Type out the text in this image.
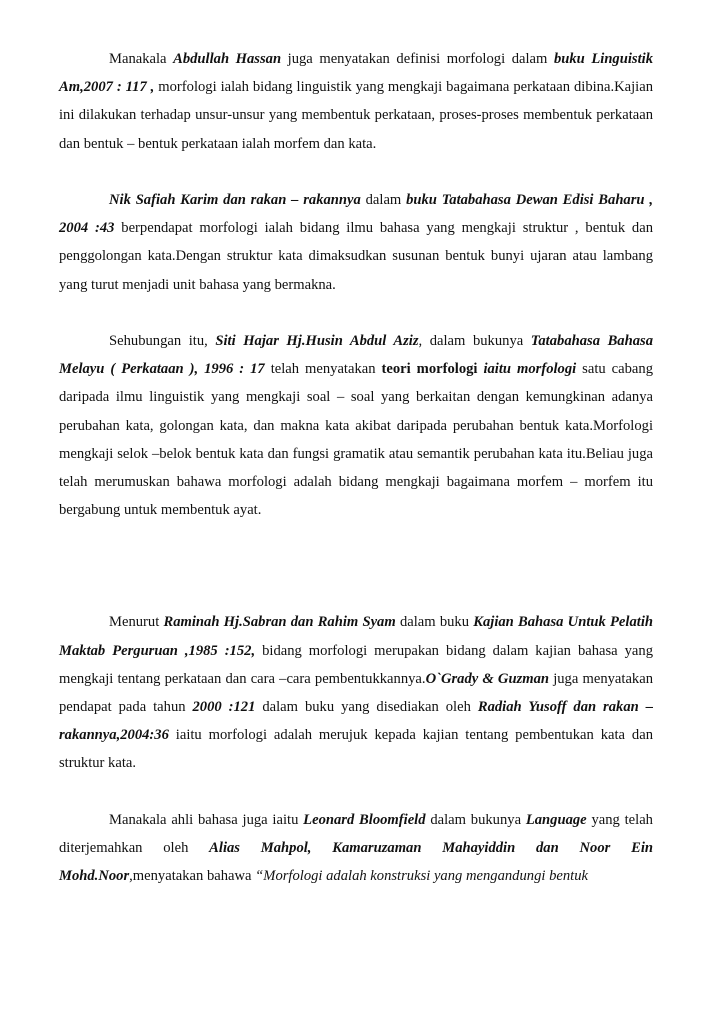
Manakala Abdullah Hassan juga menyatakan definisi morfologi dalam buku Linguistik Am,2007 : 117 , morfologi ialah bidang linguistik yang mengkaji bagaimana perkataan dibina.Kajian ini dilakukan terhadap unsur-unsur yang membentuk perkataan, proses-proses membentuk perkataan dan bentuk – bentuk perkataan ialah morfem dan kata.

Nik Safiah Karim dan rakan – rakannya dalam buku Tatabahasa Dewan Edisi Baharu , 2004 :43 berpendapat morfologi ialah bidang ilmu bahasa yang mengkaji struktur , bentuk dan penggolongan kata.Dengan struktur kata dimaksudkan susunan bentuk bunyi ujaran atau lambang yang turut menjadi unit bahasa yang bermakna.

Sehubungan itu, Siti Hajar Hj.Husin Abdul Aziz, dalam bukunya Tatabahasa Bahasa Melayu ( Perkataan ), 1996 : 17 telah menyatakan teori morfologi iaitu morfologi satu cabang daripada ilmu linguistik yang mengkaji soal – soal yang berkaitan dengan kemungkinan adanya perubahan kata, golongan kata, dan makna kata akibat daripada perubahan bentuk kata.Morfologi mengkaji selok –belok bentuk kata dan fungsi gramatik atau semantik perubahan kata itu.Beliau juga telah merumuskan bahawa morfologi adalah bidang mengkaji bagaimana morfem – morfem itu bergabung untuk membentuk ayat.

Menurut Raminah Hj.Sabran dan Rahim Syam dalam buku Kajian Bahasa Untuk Pelatih Maktab Perguruan ,1985 :152, bidang morfologi merupakan bidang dalam kajian bahasa yang mengkaji tentang perkataan dan cara –cara pembentukkannya.O`Grady & Guzman juga menyatakan pendapat pada tahun 2000 :121 dalam buku yang disediakan oleh Radiah Yusoff dan rakan – rakannya,2004:36 iaitu morfologi adalah merujuk kepada kajian tentang pembentukan kata dan struktur kata.

Manakala ahli bahasa juga iaitu Leonard Bloomfield dalam bukunya Language yang telah diterjemahkan oleh Alias Mahpol, Kamaruzaman Mahayiddin dan Noor Ein Mohd.Noor,menyatakan bahawa “Morfologi adalah konstruksi yang mengandungi bentuk
